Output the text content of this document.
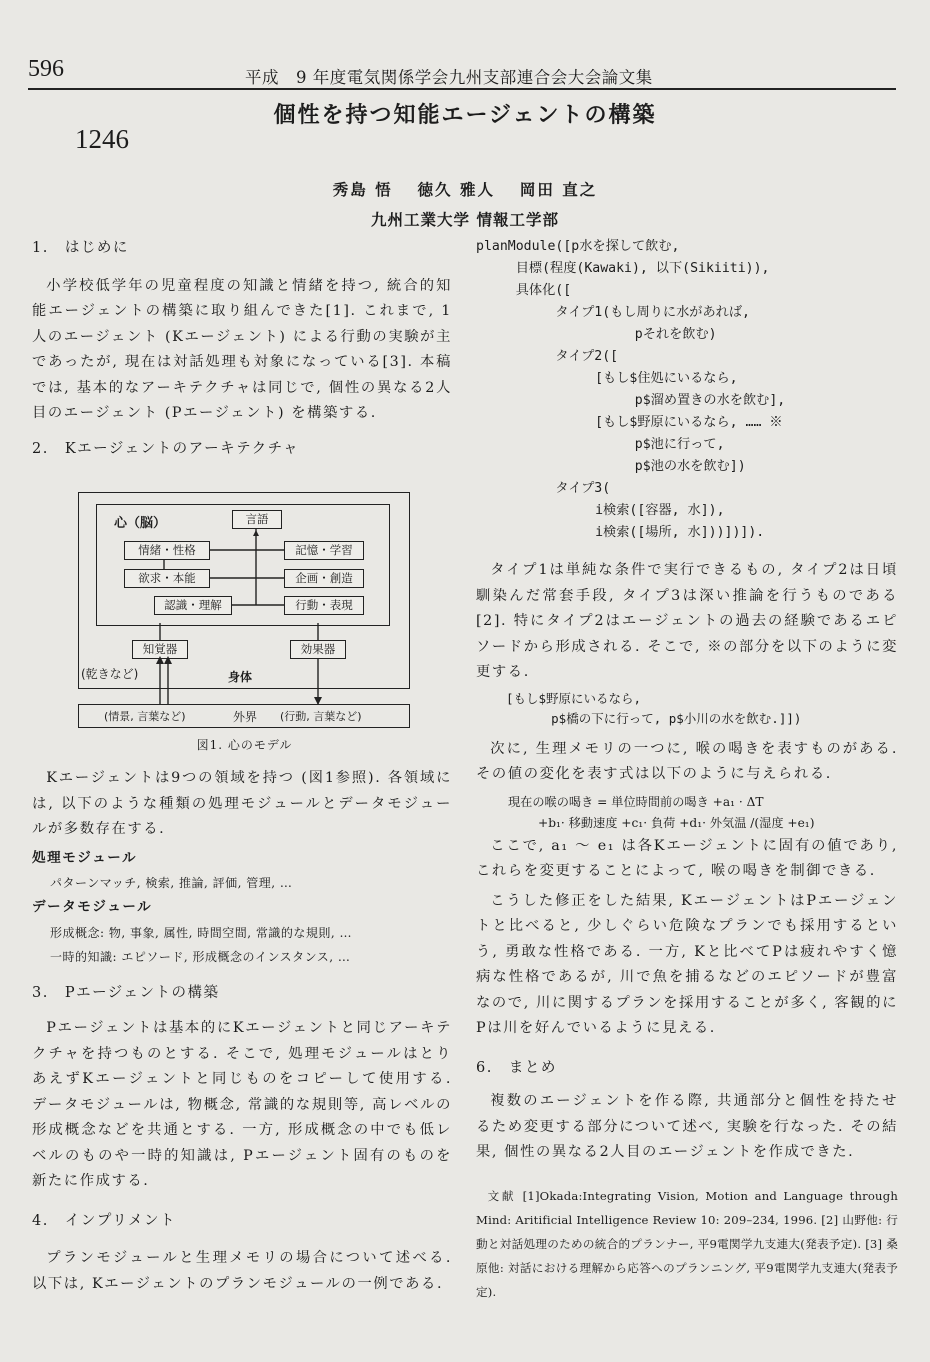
596	平成　9 年度電気関係学会九州支部連合会大会論文集
個性を持つ知能エージェントの構築
1246
秀島 悟　 徳久 雅人　 岡田 直之
九州工業大学 情報工学部
1.　はじめに
小学校低学年の児童程度の知識と情緒を持つ, 統合的知能エージェントの構築に取り組んできた[1]. これまで, 1人のエージェント (Kエージェント) による行動の実験が主であったが, 現在は対話処理も対象になっている[3]. 本稿では, 基本的なアーキテクチャは同じで, 個性の異なる2人目のエージェント (Pエージェント) を構築する.
2.　Kエージェントのアーキテクチャ
心（脳）	言語
情緒・性格	記憶・学習
欲求・本能	企画・創造
認識・理解	行動・表現
知覚器	効果器
(乾きなど)	身体
(情景, 言葉など)	外界 (行動, 言葉など)
図1. 心のモデル
Kエージェントは9つの領域を持つ (図1参照). 各領域には, 以下のような種類の処理モジュールとデータモジュールが多数存在する.
処理モジュール
パターンマッチ, 検索, 推論, 評価, 管理, …
データモジュール
形成概念: 物, 事象, 属性, 時間空間, 常識的な規則, …
一時的知識: エピソード, 形成概念のインスタンス, …
3.　Pエージェントの構築
Pエージェントは基本的にKエージェントと同じアーキテクチャを持つものとする. そこで, 処理モジュールはとりあえずKエージェントと同じものをコピーして使用する. データモジュールは, 物概念, 常識的な規則等, 高レベルの形成概念などを共通とする. 一方, 形成概念の中でも低レベルのものや一時的知識は, Pエージェント固有のものを新たに作成する.
4.　インプリメント
プランモジュールと生理メモリの場合について述べる. 以下は, Kエージェントのプランモジュールの一例である.
planModule([p水を探して飲む,
目標(程度(Kawaki), 以下(Sikiiti)),
具体化([
タイプ1(もし周りに水があれば,
pそれを飲む)
タイプ2([
[もし$住処にいるなら,
p$溜め置きの水を飲む],
[もし$野原にいるなら, …… ※
p$池に行って,
p$池の水を飲む])
タイプ3(
i検索([容器, 水]),
i検索([場所, 水]))])]).
タイプ1は単純な条件で実行できるもの, タイプ2は日頃馴染んだ常套手段, タイプ3は深い推論を行うものである[2]. 特にタイプ2はエージェントの過去の経験であるエピソードから形成される. そこで, ※の部分を以下のように変更する.
[もし$野原にいるなら,
p$橋の下に行って, p$小川の水を飲む.]])
次に, 生理メモリの一つに, 喉の喝きを表すものがある. その値の変化を表す式は以下のように与えられる.
現在の喉の喝き = 単位時間前の喝き +a₁ · ΔT
+b₁· 移動速度 +c₁· 負荷 +d₁· 外気温 /(湿度 +e₁)
ここで, a₁ ～ e₁ は各Kエージェントに固有の値であり, これらを変更することによって, 喉の喝きを制御できる.
こうした修正をした結果, KエージェントはPエージェントと比べると, 少しぐらい危険なプランでも採用するという, 勇敢な性格である. 一方, Kと比べてPは疲れやすく憶病な性格であるが, 川で魚を捕るなどのエピソードが豊富なので, 川に関するプランを採用することが多く, 客観的にPは川を好んでいるように見える.
6.　まとめ
複数のエージェントを作る際, 共通部分と個性を持たせるため変更する部分について述べ, 実験を行なった. その結果, 個性の異なる2人目のエージェントを作成できた.
文献 [1]Okada:Integrating Vision, Motion and Language through Mind: Aritificial Intelligence Review 10: 209–234, 1996. [2] 山野他: 行動と対話処理のための統合的プランナー, 平9電関学九支連大(発表予定). [3] 桑原他: 対話における理解から応答へのプランニング, 平9電関学九支連大(発表予定).
